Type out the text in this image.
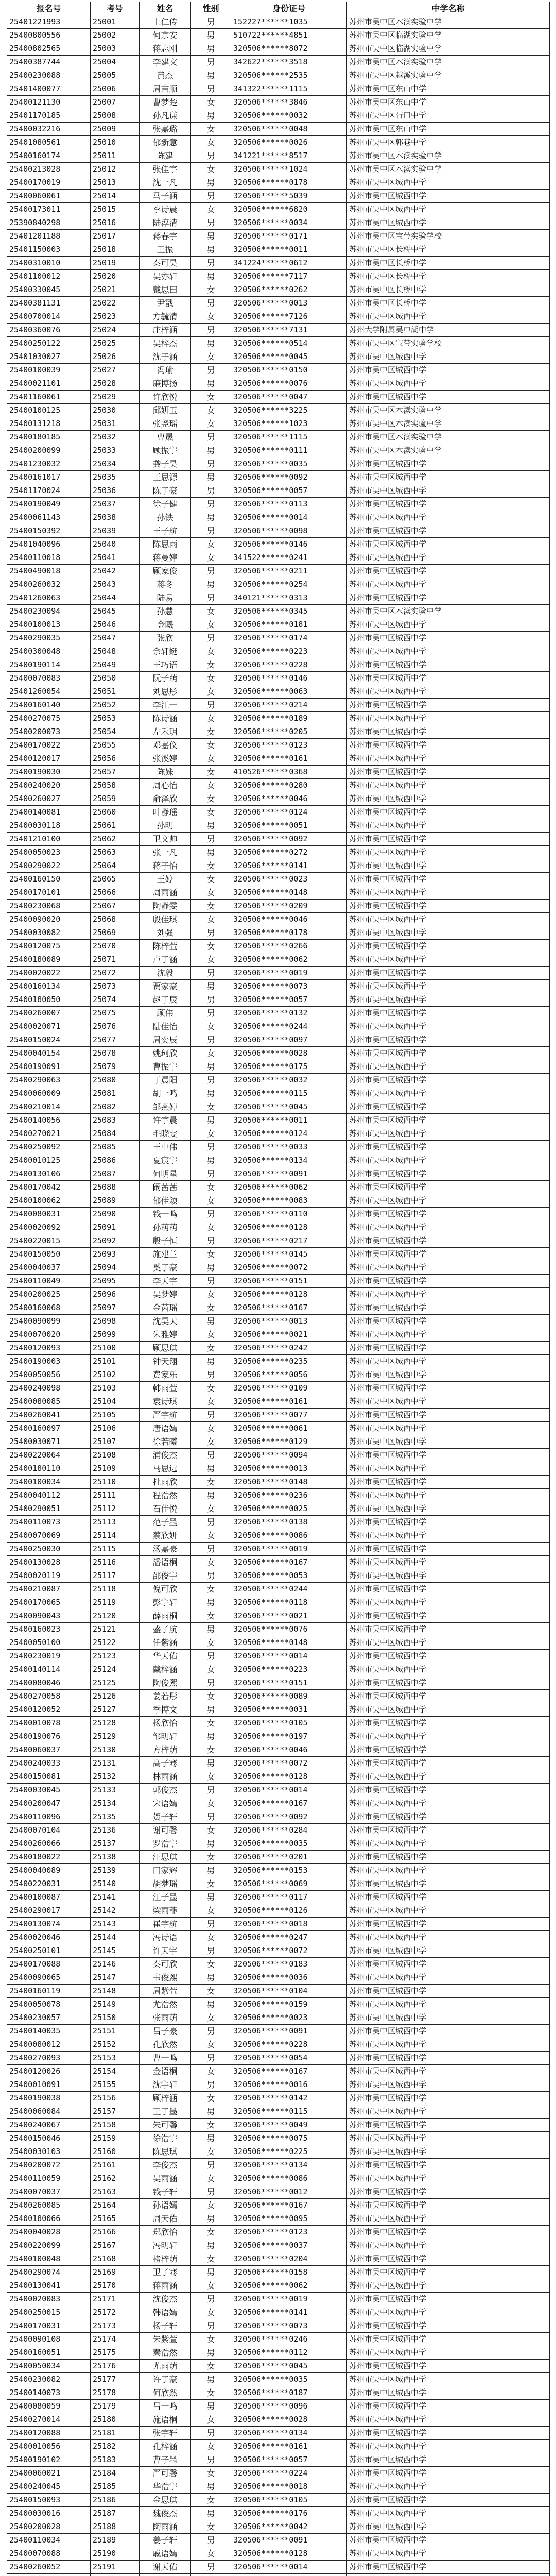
报名号	考号	姓名	性别	身份证号	中学名称
25401221993	25001	上仁传	男	152227******1035	苏州市吴中区木渎实验中学
25400800556	25002	何京安	男	510722******4851	苏州市吴中区临湖实验中学
25400802565	25003	蒋志刚	男	320506******8072	苏州市吴中区临湖实验中学
25400387744	25004	李建文	男	342622******3518	苏州市吴中区木渎实验中学
25400230088	25005	黄杰	男	320506******2535	苏州市吴中区越溪实验中学
25401400077	25006	周吉顺	男	341322******1115	苏州市吴中区东山中学
25400121130	25007	曹梦楚	女	320506******3846	苏州市吴中区东山中学
25401170185	25008	孙凡谦	男	320506******0032	苏州市吴中区胥口中学
25400032216	25009	张嘉璐	女	320506******0048	苏州市吴中区东山中学
25401080561	25010	郁新意	女	320506******0026	苏州市吴中区郭巷中学
25400160174	25011	陈建	男	341221******8517	苏州市吴中区木渎实验中学
25400213028	25012	张佳宇	女	320506******1024	苏州市吴中区木渎实验中学
25400170019	25013	沈一凡	男	320506******0178	苏州市吴中区城西中学
25400060061	25014	马子涵	男	320506******5039	苏州市吴中区城西中学
25400173011	25015	李诗晨	女	320506******6820	苏州市吴中区城西中学
25390840298	25016	陆淳清	男	320506******0034	苏州市吴中区城西中学
25401201188	25017	蒋春宇	男	320506******0171	苏州市吴中区宝带实验学校
25401150003	25018	王振	男	320506******0011	苏州市吴中区长桥中学
25400310010	25019	秦可昊	男	341224******0612	苏州市吴中区长桥中学
25401100012	25020	吴亦轩	男	320506******7117	苏州市吴中区长桥中学
25400330045	25021	戴思田	女	320506******0262	苏州市吴中区长桥中学
25400381131	25022	尹戬	男	320506******0013	苏州市吴中区长桥中学
25400700014	25023	方毓清	女	320506******7126	苏州市吴中区城西中学
25400360076	25024	庄梓涵	男	320506******7131	苏州大学附属吴中湖中学
25400250122	25025	吴梓杰	男	320506******0514	苏州市吴中区宝带实验学校
25401030027	25026	沈子涵	女	320506******0045	苏州市吴中区城西中学
25400100039	25027	冯瑜	男	320506******0150	苏州市吴中区城西中学
25400021101	25028	廉博扬	男	320506******0076	苏州市吴中区城西中学
25401160061	25029	许欣悦	女	320506******0047	苏州市吴中区城西中学
25400100125	25030	邱妍玉	女	320506******3225	苏州市吴中区木渎实验中学
25400131218	25031	张尧瑶	女	320506******1023	苏州市吴中区木渎实验中学
25400180185	25032	曹晟	男	320506******1115	苏州市吴中区木渎实验中学
25400200099	25033	顾振宇	男	320506******0111	苏州市吴中区木渎实验中学
25401230032	25034	龚子昊	男	320506******0035	苏州市吴中区城西中学
25400161017	25035	王思源	男	320506******0092	苏州市吴中区城西中学
25401170024	25036	陈子豪	男	320506******0057	苏州市吴中区城西中学
25400190049	25037	徐子健	男	320506******0113	苏州市吴中区城西中学
25400061143	25038	孙铁	男	320506******0014	苏州市吴中区城西中学
25400150392	25039	王子航	男	320506******0098	苏州市吴中区城西中学
25401040096	25040	陈思雨	女	320506******0146	苏州市吴中区城西中学
25400110018	25041	蒋曼婷	女	341522******0241	苏州市吴中区城西中学
25400490018	25042	顾家俊	男	320506******0211	苏州市吴中区城西中学
25400260032	25043	蒋冬	男	320506******0254	苏州市吴中区城西中学
25401260063	25044	陆易	男	340121******0313	苏州市吴中区城西中学
25400230094	25045	孙慧	女	320506******0345	苏州市吴中区木渎实验中学
25400100013	25046	金曦	女	320506******0181	苏州市吴中区城西中学
25400290035	25047	张欣	男	320506******0174	苏州市吴中区城西中学
25400300048	25048	余轩蜓	女	320506******0223	苏州市吴中区城西中学
25400190114	25049	王巧语	女	320506******0228	苏州市吴中区城西中学
25400070083	25050	阮子萌	女	320506******0146	苏州市吴中区城西中学
25401260054	25051	刘思彤	女	320506******0063	苏州市吴中区城西中学
25400160140	25052	李江一	男	320506******0214	苏州市吴中区城西中学
25400270075	25053	陈诗涵	女	320506******0189	苏州市吴中区城西中学
25400200073	25054	左禾玥	女	320506******0205	苏州市吴中区城西中学
25400170022	25055	邓嘉仪	女	320506******0123	苏州市吴中区城西中学
25400120017	25056	张溪婷	女	320506******0161	苏州市吴中区城西中学
25400190030	25057	陈姝	女	410526******0368	苏州市吴中区城西中学
25400240020	25058	周心怡	女	320506******0280	苏州市吴中区城西中学
25400260027	25059	俞泽欣	女	320506******0046	苏州市吴中区城西中学
25400140081	25060	叶静瑶	女	320506******0124	苏州市吴中区城西中学
25400030118	25061	孙明	男	320506******0051	苏州市吴中区城西中学
25401210100	25062	卫文帅	男	320506******0092	苏州市吴中区城西中学
25400050023	25063	张一凡	男	320506******0272	苏州市吴中区城西中学
25400290022	25064	蒋子怡	女	320506******0141	苏州市吴中区城西中学
25400160150	25065	王婷	女	320506******0023	苏州市吴中区城西中学
25400170101	25066	周雨涵	女	320506******0148	苏州市吴中区城西中学
25400230068	25067	陶静雯	女	320506******0209	苏州市吴中区城西中学
25400090020	25068	殷佳琪	女	320506******0046	苏州市吴中区城西中学
25400030082	25069	刘强	男	320506******0178	苏州市吴中区城西中学
25400120075	25070	陈梓萱	女	320506******0266	苏州市吴中区城西中学
25400180089	25071	卢子涵	女	320506******0062	苏州市吴中区城西中学
25400020022	25072	沈毅	男	320506******0019	苏州市吴中区城西中学
25400160134	25073	贾家豪	男	320506******0073	苏州市吴中区城西中学
25400180050	25074	赵子辰	男	320506******0057	苏州市吴中区城西中学
25400260007	25075	顾伟	男	320506******0132	苏州市吴中区城西中学
25400020071	25076	陆佳怡	女	320506******0244	苏州市吴中区城西中学
25400150024	25077	周奕辰	男	320506******0097	苏州市吴中区城西中学
25400040154	25078	姚珂欣	女	320506******0028	苏州市吴中区城西中学
25400190091	25079	曹振宇	男	320506******0175	苏州市吴中区城西中学
25400290063	25080	丁晨阳	男	320506******0032	苏州市吴中区城西中学
25400060009	25081	胡一鸣	男	320506******0115	苏州市吴中区城西中学
25400210014	25082	邹燕婷	女	320506******0045	苏州市吴中区城西中学
25400140056	25083	许宇晨	男	320506******0011	苏州市吴中区城西中学
25400270021	25084	毛晓雯	女	320506******0124	苏州市吴中区城西中学
25400250092	25085	王中伟	男	320506******0033	苏州市吴中区城西中学
25400010125	25086	夏宸宇	男	320506******0134	苏州市吴中区城西中学
25400130106	25087	何明星	男	320506******0091	苏州市吴中区城西中学
25400170042	25088	阚茜茜	女	320506******0062	苏州市吴中区城西中学
25400100062	25089	郁佳颖	女	320506******0083	苏州市吴中区城西中学
25400080031	25090	钱一鸣	男	320506******0110	苏州市吴中区城西中学
25400020092	25091	孙萌萌	女	320506******0128	苏州市吴中区城西中学
25400220015	25092	殷子恒	男	320506******0217	苏州市吴中区城西中学
25400150050	25093	施建兰	女	320506******0145	苏州市吴中区城西中学
25400040037	25094	奚子豪	男	320506******0072	苏州市吴中区城西中学
25400110049	25095	李天宇	男	320506******0151	苏州市吴中区城西中学
25400200025	25096	吴梦婷	女	320506******0128	苏州市吴中区城西中学
25400160068	25097	金芮瑶	女	320506******0167	苏州市吴中区城西中学
25400090099	25098	沈昊天	男	320506******0013	苏州市吴中区城西中学
25400070020	25099	朱雅婷	女	320506******0021	苏州市吴中区城西中学
25400120093	25100	顾思琪	女	320506******0242	苏州市吴中区城西中学
25400190003	25101	钟天翔	男	320506******0235	苏州市吴中区城西中学
25400050056	25102	费家乐	男	320506******0056	苏州市吴中区城西中学
25400240098	25103	韩雨萱	女	320506******0109	苏州市吴中区城西中学
25400080085	25104	袁诗琪	女	320506******0161	苏州市吴中区城西中学
25400260041	25105	严宇航	男	320506******0077	苏州市吴中区城西中学
25400160097	25106	唐语嫣	女	320506******0061	苏州市吴中区城西中学
25400030071	25107	徐若曦	女	320506******0129	苏州市吴中区城西中学
25400220064	25108	浦俊杰	男	320506******0094	苏州市吴中区城西中学
25400180110	25109	马思远	男	320506******0013	苏州市吴中区城西中学
25400100034	25110	杜雨欣	女	320506******0148	苏州市吴中区城西中学
25400040112	25111	程浩然	男	320506******0236	苏州市吴中区城西中学
25400290051	25112	石佳悦	女	320506******0025	苏州市吴中区城西中学
25400110073	25113	范子墨	男	320506******0138	苏州市吴中区城西中学
25400070069	25114	蔡欣妍	女	320506******0086	苏州市吴中区城西中学
25400250030	25115	汤嘉豪	男	320506******0019	苏州市吴中区城西中学
25400130028	25116	潘语桐	女	320506******0167	苏州市吴中区城西中学
25400020119	25117	邵俊宇	男	320506******0053	苏州市吴中区城西中学
25400210087	25118	倪可欣	女	320506******0244	苏州市吴中区城西中学
25400170065	25119	彭宇轩	男	320506******0118	苏州市吴中区城西中学
25400090043	25120	薛雨桐	女	320506******0021	苏州市吴中区城西中学
25400160023	25121	盛子航	男	320506******0076	苏州市吴中区城西中学
25400050100	25122	任紫涵	女	320506******0148	苏州市吴中区城西中学
25400230019	25123	华天佑	男	320506******0014	苏州市吴中区城西中学
25400140114	25124	戴梓涵	女	320506******0223	苏州市吴中区城西中学
25400080046	25125	陶俊熙	男	320506******0151	苏州市吴中区城西中学
25400270058	25126	姜若彤	女	320506******0089	苏州市吴中区城西中学
25400120052	25127	季博文	男	320506******0031	苏州市吴中区城西中学
25400010078	25128	杨欣怡	女	320506******0105	苏州市吴中区城西中学
25400190076	25129	邹明轩	男	320506******0197	苏州市吴中区城西中学
25400060037	25130	方梓萌	女	320506******0046	苏州市吴中区城西中学
25400240033	25131	高子骞	男	320506******0072	苏州市吴中区城西中学
25400150081	25132	林雨涵	女	320506******0128	苏州市吴中区城西中学
25400030045	25133	郭俊杰	男	320506******0014	苏州市吴中区城西中学
25400200047	25134	宋语嫣	女	320506******0167	苏州市吴中区城西中学
25400110096	25135	贺子轩	男	320506******0092	苏州市吴中区城西中学
25400070104	25136	谢可馨	女	320506******0284	苏州市吴中区城西中学
25400260066	25137	罗浩宇	男	320506******0035	苏州市吴中区城西中学
25400180022	25138	汪思琪	女	320506******0201	苏州市吴中区城西中学
25400040089	25139	田家辉	男	320506******0153	苏州市吴中区城西中学
25400220031	25140	胡梦瑶	女	320506******0069	苏州市吴中区城西中学
25400100087	25141	江子墨	男	320506******0117	苏州市吴中区城西中学
25400290017	25142	梁雨菲	女	320506******0126	苏州市吴中区城西中学
25400130074	25143	崔宇航	男	320506******0018	苏州市吴中区城西中学
25400020046	25144	冯诗语	女	320506******0247	苏州市吴中区城西中学
25400250101	25145	许天宇	男	320506******0072	苏州市吴中区城西中学
25400170088	25146	秦可欣	女	320506******0183	苏州市吴中区城西中学
25400090065	25147	韦俊熙	男	320506******0036	苏州市吴中区城西中学
25400160119	25148	周紫萱	女	320506******0104	苏州市吴中区城西中学
25400050078	25149	尤浩然	男	320506******0159	苏州市吴中区城西中学
25400230057	25150	张雨萌	女	320506******0023	苏州市吴中区城西中学
25400140035	25151	吕子豪	男	320506******0091	苏州市吴中区城西中学
25400080012	25152	孔欣然	女	320506******0228	苏州市吴中区城西中学
25400270093	25153	曹一鸣	男	320506******0054	苏州市吴中区城西中学
25400120026	25154	金语桐	女	320506******0167	苏州市吴中区城西中学
25400010091	25155	沈宇轩	男	320506******0016	苏州市吴中区城西中学
25400190038	25156	顾梓涵	女	320506******0142	苏州市吴中区城西中学
25400060084	25157	王子墨	男	320506******0115	苏州市吴中区城西中学
25400240067	25158	朱可馨	女	320506******0049	苏州市吴中区城西中学
25400150046	25159	徐浩宇	男	320506******0075	苏州市吴中区城西中学
25400030103	25160	陈思琪	女	320506******0225	苏州市吴中区城西中学
25400200072	25161	李俊杰	男	320506******0134	苏州市吴中区城西中学
25400110059	25162	吴雨涵	女	320506******0086	苏州市吴中区城西中学
25400070037	25163	钱子轩	男	320506******0012	苏州市吴中区城西中学
25400260085	25164	孙语嫣	女	320506******0167	苏州市吴中区城西中学
25400180066	25165	周天佑	男	320506******0095	苏州市吴中区城西中学
25400040028	25166	郑欣怡	女	320506******0123	苏州市吴中区城西中学
25400220099	25167	冯明轩	男	320506******0037	苏州市吴中区城西中学
25400100048	25168	褚梓萌	女	320506******0204	苏州市吴中区城西中学
25400290074	25169	卫子骞	男	320506******0158	苏州市吴中区城西中学
25400130041	25170	蒋雨涵	女	320506******0062	苏州市吴中区城西中学
25400020083	25171	沈俊杰	男	320506******0019	苏州市吴中区城西中学
25400250015	25172	韩语嫣	女	320506******0141	苏州市吴中区城西中学
25400170031	25173	杨子轩	男	320506******0073	苏州市吴中区城西中学
25400090108	25174	朱紫萱	女	320506******0246	苏州市吴中区城西中学
25400160051	25175	秦浩然	男	320506******0112	苏州市吴中区城西中学
25400050034	25176	尤雨萌	女	320506******0045	苏州市吴中区城西中学
25400230082	25177	许子豪	男	320506******0035	苏州市吴中区城西中学
25400140073	25178	何欣然	女	320506******0187	苏州市吴中区城西中学
25400080059	25179	吕一鸣	男	320506******0096	苏州市吴中区城西中学
25400270014	25180	施语桐	女	320506******0028	苏州市吴中区城西中学
25400120088	25181	张宇轩	男	320506******0134	苏州市吴中区城西中学
25400010056	25182	孔梓涵	女	320506******0161	苏州市吴中区城西中学
25400190102	25183	曹子墨	男	320506******0057	苏州市吴中区城西中学
25400060021	25184	严可馨	女	320506******0224	苏州市吴中区城西中学
25400240045	25185	华浩宇	男	320506******0018	苏州市吴中区城西中学
25400150093	25186	金思琪	女	320506******0105	苏州市吴中区城西中学
25400030016	25187	魏俊杰	男	320506******0176	苏州市吴中区城西中学
25400200028	25188	陶雨涵	女	320506******0042	苏州市吴中区城西中学
25400110034	25189	姜子轩	男	320506******0091	苏州市吴中区城西中学
25400070088	25190	戚语嫣	女	320506******0128	苏州市吴中区城西中学
25400260052	25191	谢天佑	男	320506******0014	苏州市吴中区城西中学
